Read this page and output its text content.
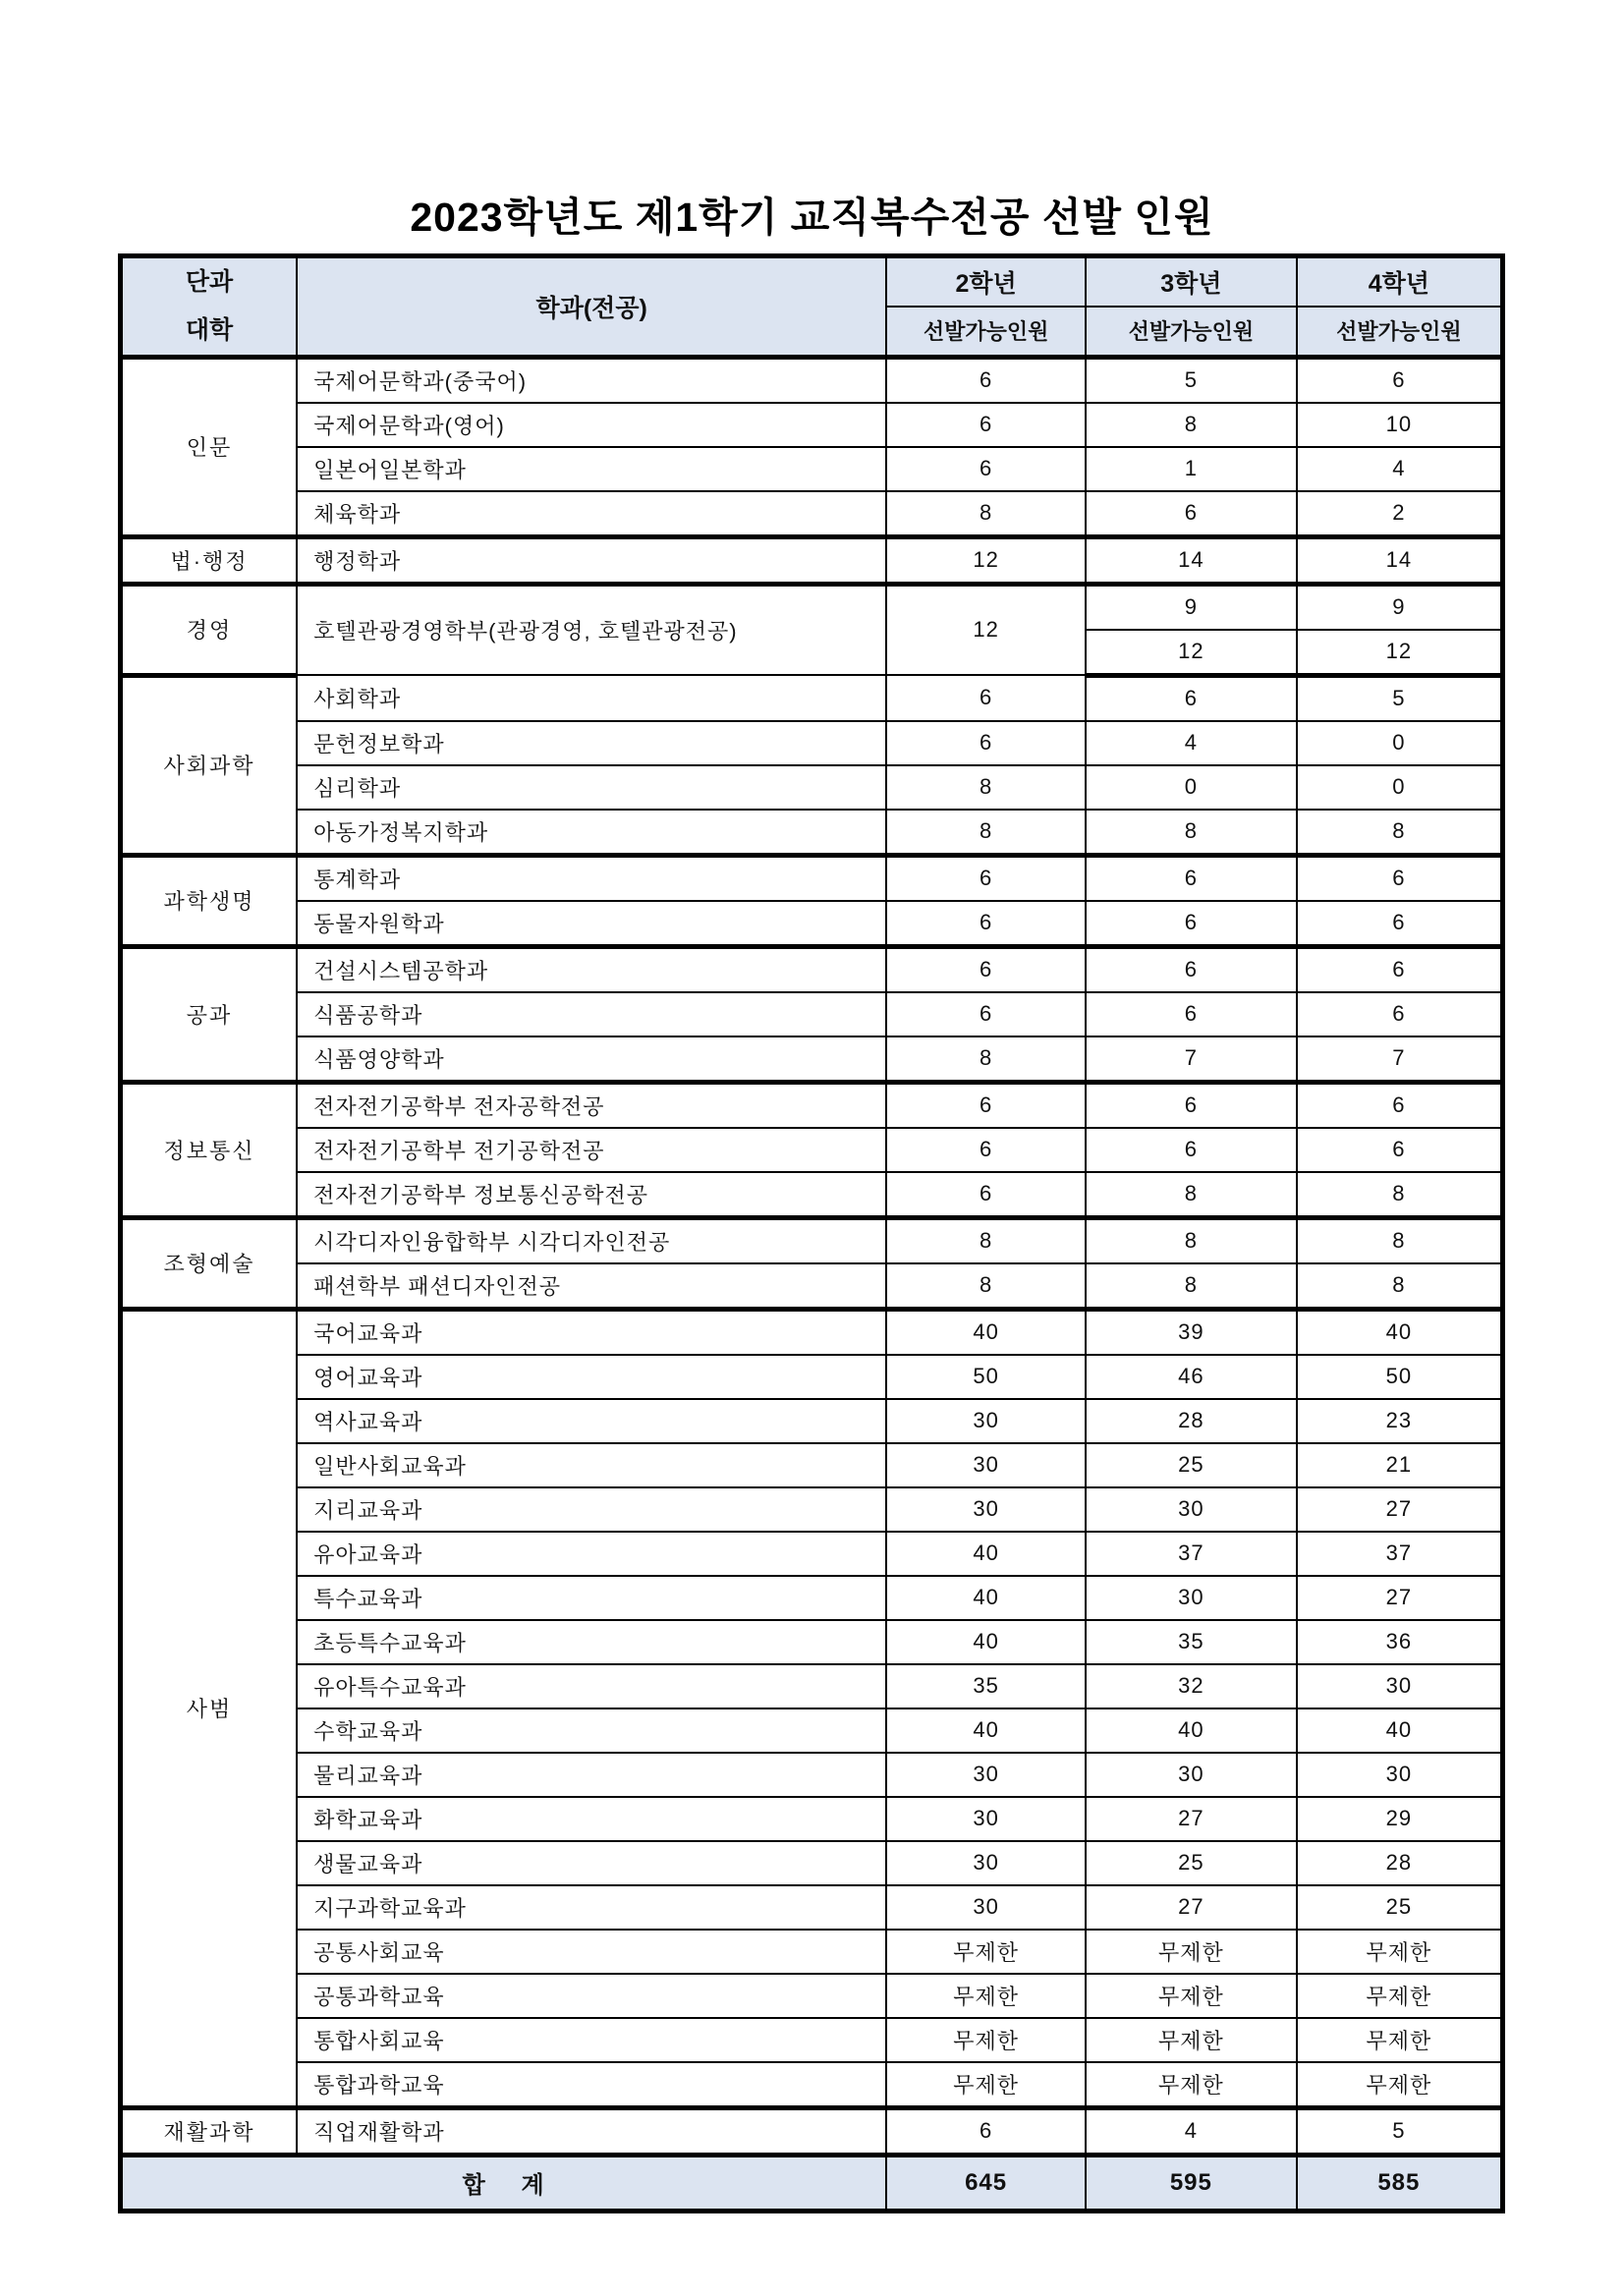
2023학년도 제1학기 교직복수전공 선발 인원
단과
대학	학과(전공)	2학년	3학년	4학년
		선발가능인원	선발가능인원	선발가능인원
인문	국제어문학과(중국어)	6	5	6
	국제어문학과(영어)	6	8	10
	일본어일본학과	6	1	4
	체육학과	8	6	2
법·행정	행정학과	12	14	14
경영	호텔관광경영학부(관광경영, 호텔관광전공)	12	9	9
			12	12
사회과학	사회학과	6	6	5
	문헌정보학과	6	4	0
	심리학과	8	0	0
	아동가정복지학과	8	8	8
과학생명	통계학과	6	6	6
	동물자원학과	6	6	6
공과	건설시스템공학과	6	6	6
	식품공학과	6	6	6
	식품영양학과	8	7	7
정보통신	전자전기공학부 전자공학전공	6	6	6
	전자전기공학부 전기공학전공	6	6	6
	전자전기공학부 정보통신공학전공	6	8	8
조형예술	시각디자인융합학부 시각디자인전공	8	8	8
	패션학부 패션디자인전공	8	8	8
사범	국어교육과	40	39	40
	영어교육과	50	46	50
	역사교육과	30	28	23
	일반사회교육과	30	25	21
	지리교육과	30	30	27
	유아교육과	40	37	37
	특수교육과	40	30	27
	초등특수교육과	40	35	36
	유아특수교육과	35	32	30
	수학교육과	40	40	40
	물리교육과	30	30	30
	화학교육과	30	27	29
	생물교육과	30	25	28
	지구과학교육과	30	27	25
	공통사회교육	무제한	무제한	무제한
	공통과학교육	무제한	무제한	무제한
	통합사회교육	무제한	무제한	무제한
	통합과학교육	무제한	무제한	무제한
재활과학	직업재활학과	6	4	5
합    계		645	595	585
